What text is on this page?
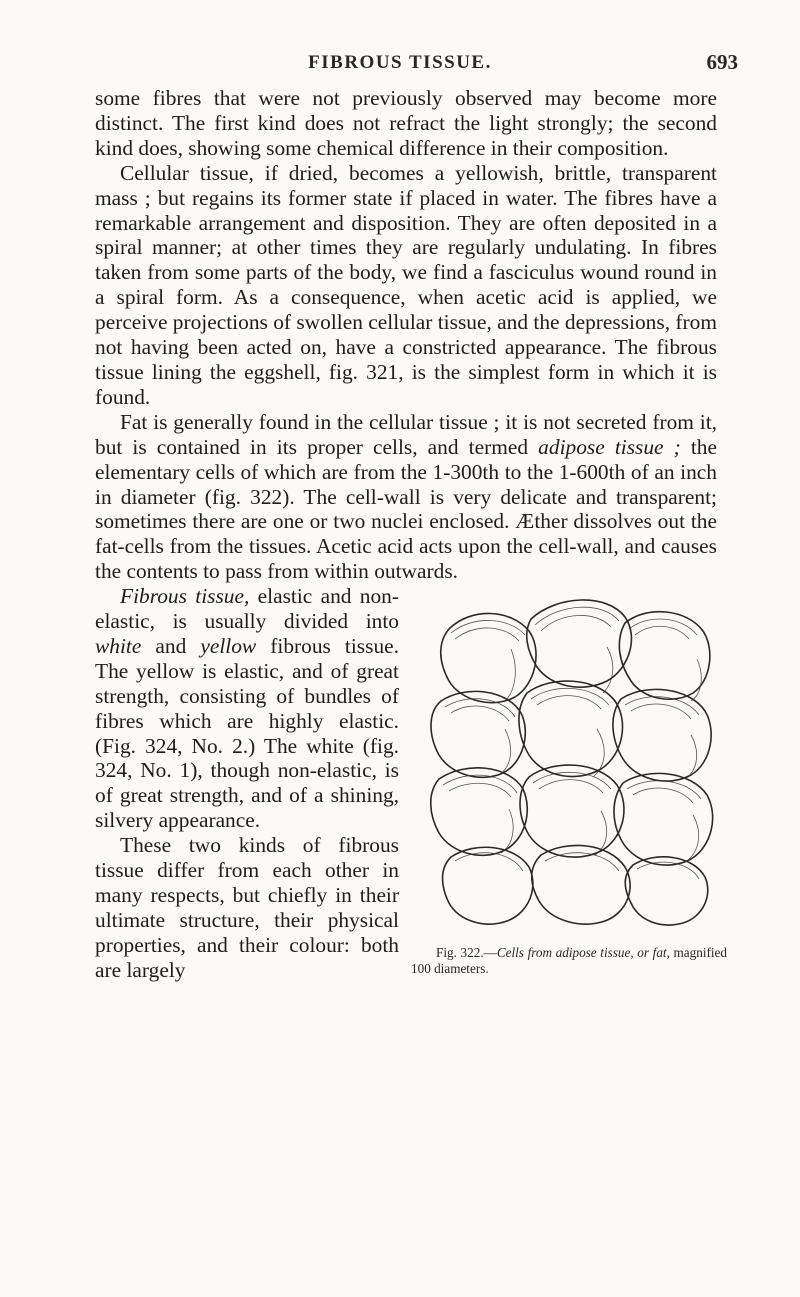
FIBROUS TISSUE.	693

some fibres that were not previously observed may become more distinct. The first kind does not refract the light strongly; the second kind does, showing some chemical difference in their composition.

Cellular tissue, if dried, becomes a yellowish, brittle, transparent mass ; but regains its former state if placed in water. The fibres have a remarkable arrangement and disposition. They are often deposited in a spiral manner; at other times they are regularly undulating. In fibres taken from some parts of the body, we find a fasciculus wound round in a spiral form. As a consequence, when acetic acid is applied, we perceive projections of swollen cellular tissue, and the depressions, from not having been acted on, have a constricted appearance. The fibrous tissue lining the eggshell, fig. 321, is the simplest form in which it is found.

Fat is generally found in the cellular tissue ; it is not secreted from it, but is contained in its proper cells, and termed adipose tissue ; the elementary cells of which are from the 1-300th to the 1-600th of an inch in diameter (fig. 322). The cell-wall is very delicate and transparent; sometimes there are one or two nuclei enclosed. Æther dissolves out the fat-cells from the tissues. Acetic acid acts upon the cell-wall, and causes the contents to pass from within outwards.

Fig. 322.—Cells from adipose tissue, or fat, magnified 100 diameters.
Fibrous tissue, elastic and non-elastic, is usually divided into white and yellow fibrous tissue. The yellow is elastic, and of great strength, consisting of bundles of fibres which are highly elastic. (Fig. 324, No. 2.) The white (fig. 324, No. 1), though non-elastic, is of great strength, and of a shining, silvery appearance.

These two kinds of fibrous tissue differ from each other in many respects, but chiefly in their ultimate structure, their physical properties, and their colour: both are largely
